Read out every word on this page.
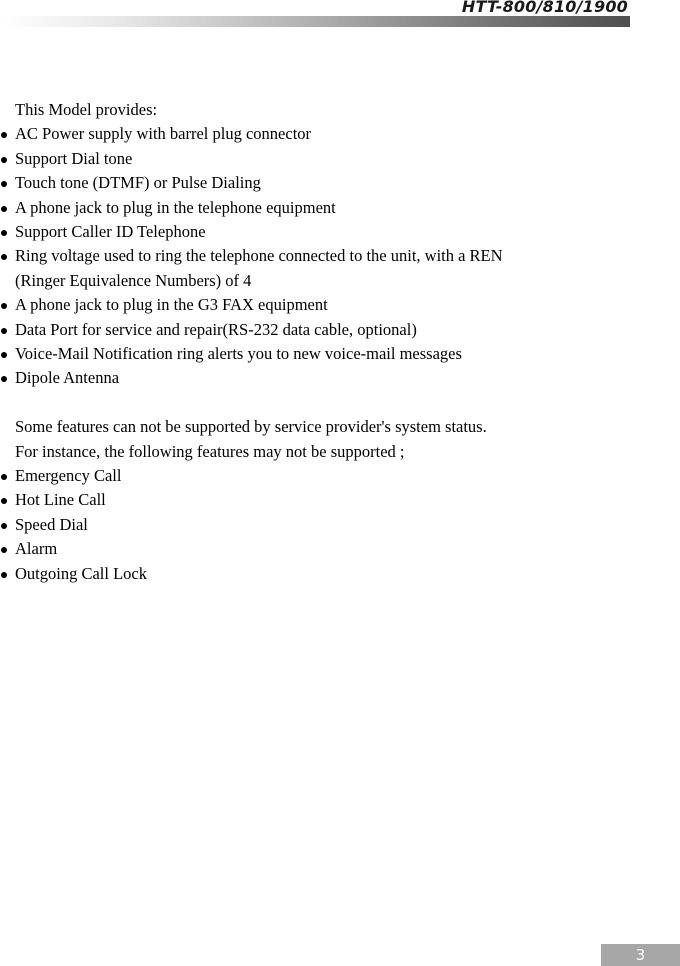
HTT-800/810/1900
This Model provides:
AC Power supply with barrel plug connector
Support Dial tone
Touch tone (DTMF) or Pulse Dialing
A phone jack to plug in the telephone equipment
Support Caller ID Telephone
Ring voltage used to ring the telephone connected to the unit, with a REN
(Ringer Equivalence Numbers) of 4
A phone jack to plug in the G3 FAX equipment
Data Port for service and repair(RS-232 data cable, optional)
Voice-Mail Notification ring alerts you to new voice-mail messages
Dipole Antenna
Some features can not be supported by service provider's system status.
For instance, the following features may not be supported ;
Emergency Call
Hot Line Call
Speed Dial
Alarm
Outgoing Call Lock
3
